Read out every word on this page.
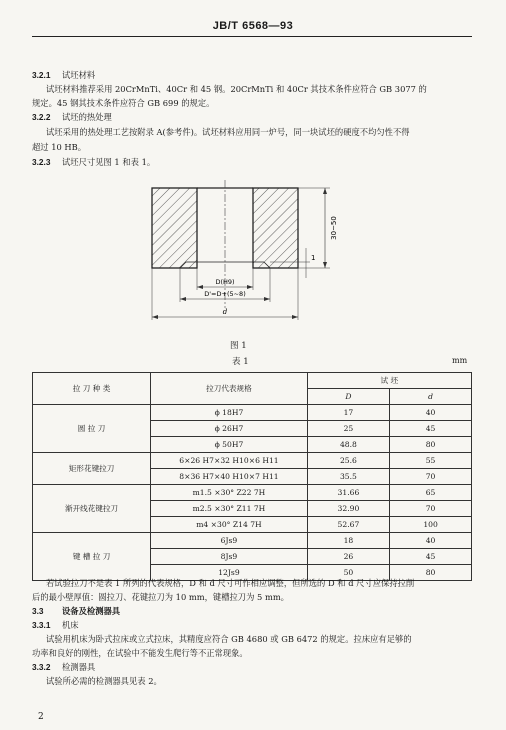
JB/T 6568—93
3.2.1 试坯材料
试坯材料推荐采用 20CrMnTi、40Cr 和 45 钢。20CrMnTi 和 40Cr 其技术条件应符合 GB 3077 的
规定。45 钢其技术条件应符合 GB 699 的规定。
3.2.2 试坯的热处理
试坯采用的热处理工艺按附录 A(参考件)。试坯材料应用同一炉号，同一块试坯的硬度不均匀性不得
超过 10 HB。
3.2.3 试坯尺寸见图 1 和表 1。
30~50
1
D(H9)
D'=D+(5~8)
d
图 1
表 1	mm
拉 刀 种 类	拉刀代表规格	试 坯	
		D	d
圆 拉 刀	ϕ 18H7	17	40
	ϕ 26H7	25	45
	ϕ 50H7	48.8	80
矩形花键拉刀	6×26 H7×32 H10×6 H11	25.6	55
	8×36 H7×40 H10×7 H11	35.5	70
渐开线花键拉刀	m1.5 ×30° Z22 7H	31.66	65
	m2.5 ×30° Z11 7H	32.90	70
	m4 ×30° Z14 7H	52.67	100
键 槽 拉 刀	6Js9	18	40
	8Js9	26	45
	12Js9	50	80
若试验拉刀不是表 1 所列的代表规格，D 和 d 尺寸可作相应调整，但所选的 D 和 d 尺寸应保持拉削
后的最小壁厚值：圆拉刀、花键拉刀为 10 mm，键槽拉刀为 5 mm。
3.3 设备及检测器具
3.3.1 机床
试验用机床为卧式拉床或立式拉床，其精度应符合 GB 4680 或 GB 6472 的规定。拉床应有足够的
功率和良好的刚性，在试验中不能发生爬行等不正常现象。
3.3.2 检测器具
试验所必需的检测器具见表 2。
2
